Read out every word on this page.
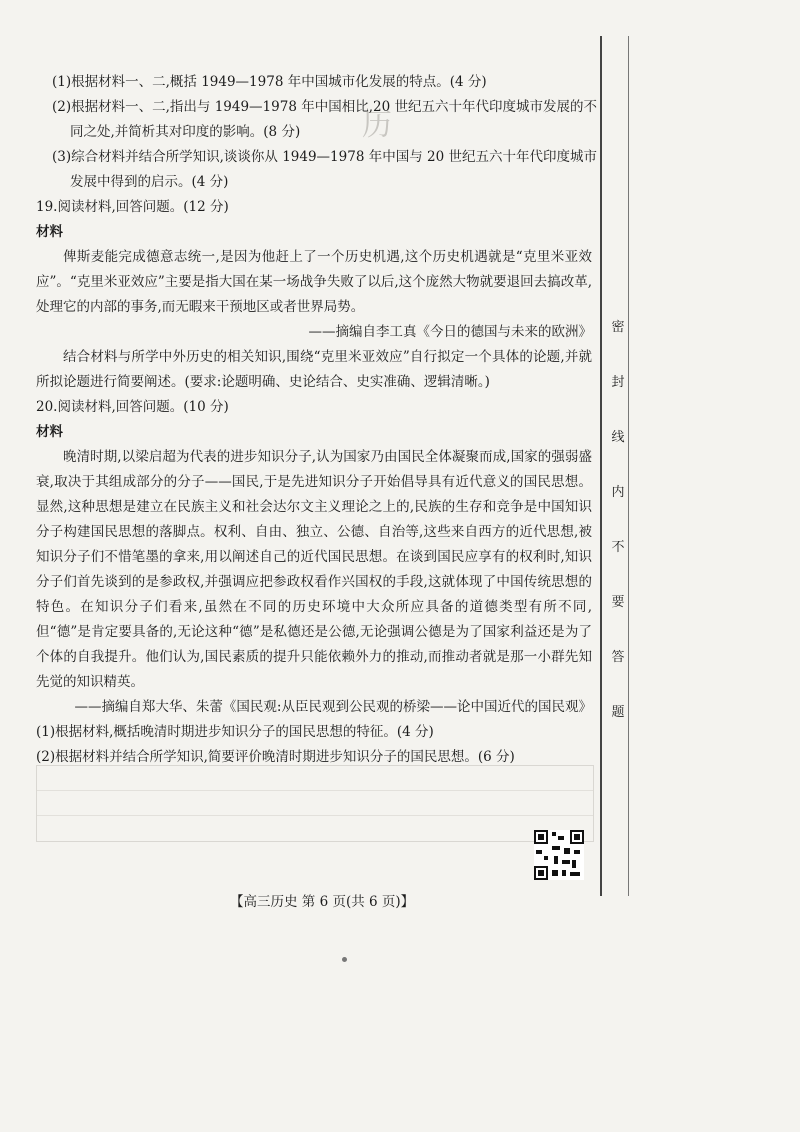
历
(1)根据材料一、二,概括 1949—1978 年中国城市化发展的特点。(4 分)
(2)根据材料一、二,指出与 1949—1978 年中国相比,20 世纪五六十年代印度城市发展的不
同之处,并简析其对印度的影响。(8 分)
(3)综合材料并结合所学知识,谈谈你从 1949—1978 年中国与 20 世纪五六十年代印度城市
发展中得到的启示。(4 分)
19.阅读材料,回答问题。(12 分)
材料
俾斯麦能完成德意志统一,是因为他赶上了一个历史机遇,这个历史机遇就是“克里米亚效应”。“克里米亚效应”主要是指大国在某一场战争失败了以后,这个庞然大物就要退回去搞改革,处理它的内部的事务,而无暇来干预地区或者世界局势。
——摘编自李工真《今日的德国与未来的欧洲》
结合材料与所学中外历史的相关知识,围绕“克里米亚效应”自行拟定一个具体的论题,并就所拟论题进行简要阐述。(要求:论题明确、史论结合、史实准确、逻辑清晰。)
20.阅读材料,回答问题。(10 分)
材料
晚清时期,以梁启超为代表的进步知识分子,认为国家乃由国民全体凝聚而成,国家的强弱盛衰,取决于其组成部分的分子——国民,于是先进知识分子开始倡导具有近代意义的国民思想。显然,这种思想是建立在民族主义和社会达尔文主义理论之上的,民族的生存和竞争是中国知识分子构建国民思想的落脚点。权利、自由、独立、公德、自治等,这些来自西方的近代思想,被知识分子们不惜笔墨的拿来,用以阐述自己的近代国民思想。在谈到国民应享有的权利时,知识分子们首先谈到的是参政权,并强调应把参政权看作兴国权的手段,这就体现了中国传统思想的特色。在知识分子们看来,虽然在不同的历史环境中大众所应具备的道德类型有所不同,但“德”是肯定要具备的,无论这种“德”是私德还是公德,无论强调公德是为了国家利益还是为了个体的自我提升。他们认为,国民素质的提升只能依赖外力的推动,而推动者就是那一小群先知先觉的知识精英。
——摘编自郑大华、朱蕾《国民观:从臣民观到公民观的桥梁——论中国近代的国民观》
(1)根据材料,概括晚清时期进步知识分子的国民思想的特征。(4 分)
(2)根据材料并结合所学知识,简要评价晚清时期进步知识分子的国民思想。(6 分)
密
封
线
内
不
要
答
题
【高三历史 第 6 页(共 6 页)】
